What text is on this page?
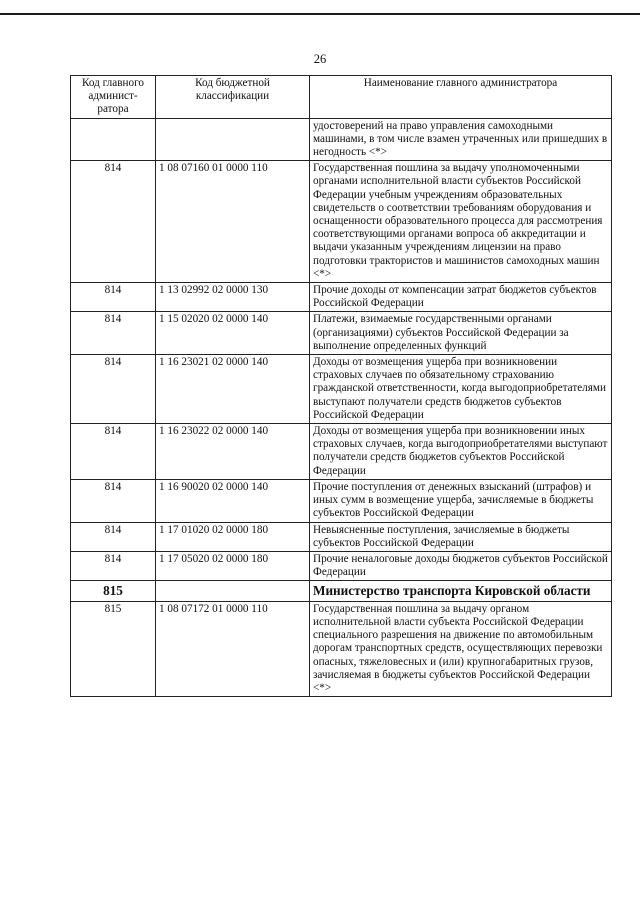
26
Код главного админист-ратора	Код бюджетной классификации	Наименование главного администратора
		удостоверений на право управления самоходными машинами, в том числе взамен утраченных или пришедших в негодность <*>
814	1 08 07160 01 0000 110	Государственная пошлина за выдачу уполномоченными органами исполнительной власти субъектов Российской Федерации учебным учреждениям образовательных свидетельств о соответствии требованиям оборудования и оснащенности образовательного процесса для рассмотрения соответствующими органами вопроса об аккредитации и выдачи указанным учреждениям лицензии на право подготовки трактористов и машинистов самоходных машин <*>
814	1 13 02992 02 0000 130	Прочие доходы от компенсации затрат бюджетов субъектов Российской Федерации
814	1 15 02020 02 0000 140	Платежи, взимаемые государственными органами (организациями) субъектов Российской Федерации за выполнение определенных функций
814	1 16 23021 02 0000 140	Доходы от возмещения ущерба при возникновении страховых случаев по обязательному страхованию гражданской ответственности, когда выгодоприобретателями выступают получатели средств бюджетов субъектов Российской Федерации
814	1 16 23022 02 0000 140	Доходы от возмещения ущерба при возникновении иных страховых случаев, когда выгодоприобретателями выступают получатели средств бюджетов субъектов Российской Федерации
814	1 16 90020 02 0000 140	Прочие поступления от денежных взысканий (штрафов) и иных сумм в возмещение ущерба, зачисляемые в бюджеты субъектов Российской Федерации
814	1 17 01020 02 0000 180	Невыясненные поступления, зачисляемые в бюджеты субъектов Российской Федерации
814	1 17 05020 02 0000 180	Прочие неналоговые доходы бюджетов субъектов Российской Федерации
815		Министерство транспорта Кировской области
815	1 08 07172 01 0000 110	Государственная пошлина за выдачу органом исполнительной власти субъекта Российской Федерации специального разрешения на движение по автомобильным дорогам транспортных средств, осуществляющих перевозки опасных, тяжеловесных и (или) крупногабаритных грузов, зачисляемая в бюджеты субъектов Российской Федерации <*>
